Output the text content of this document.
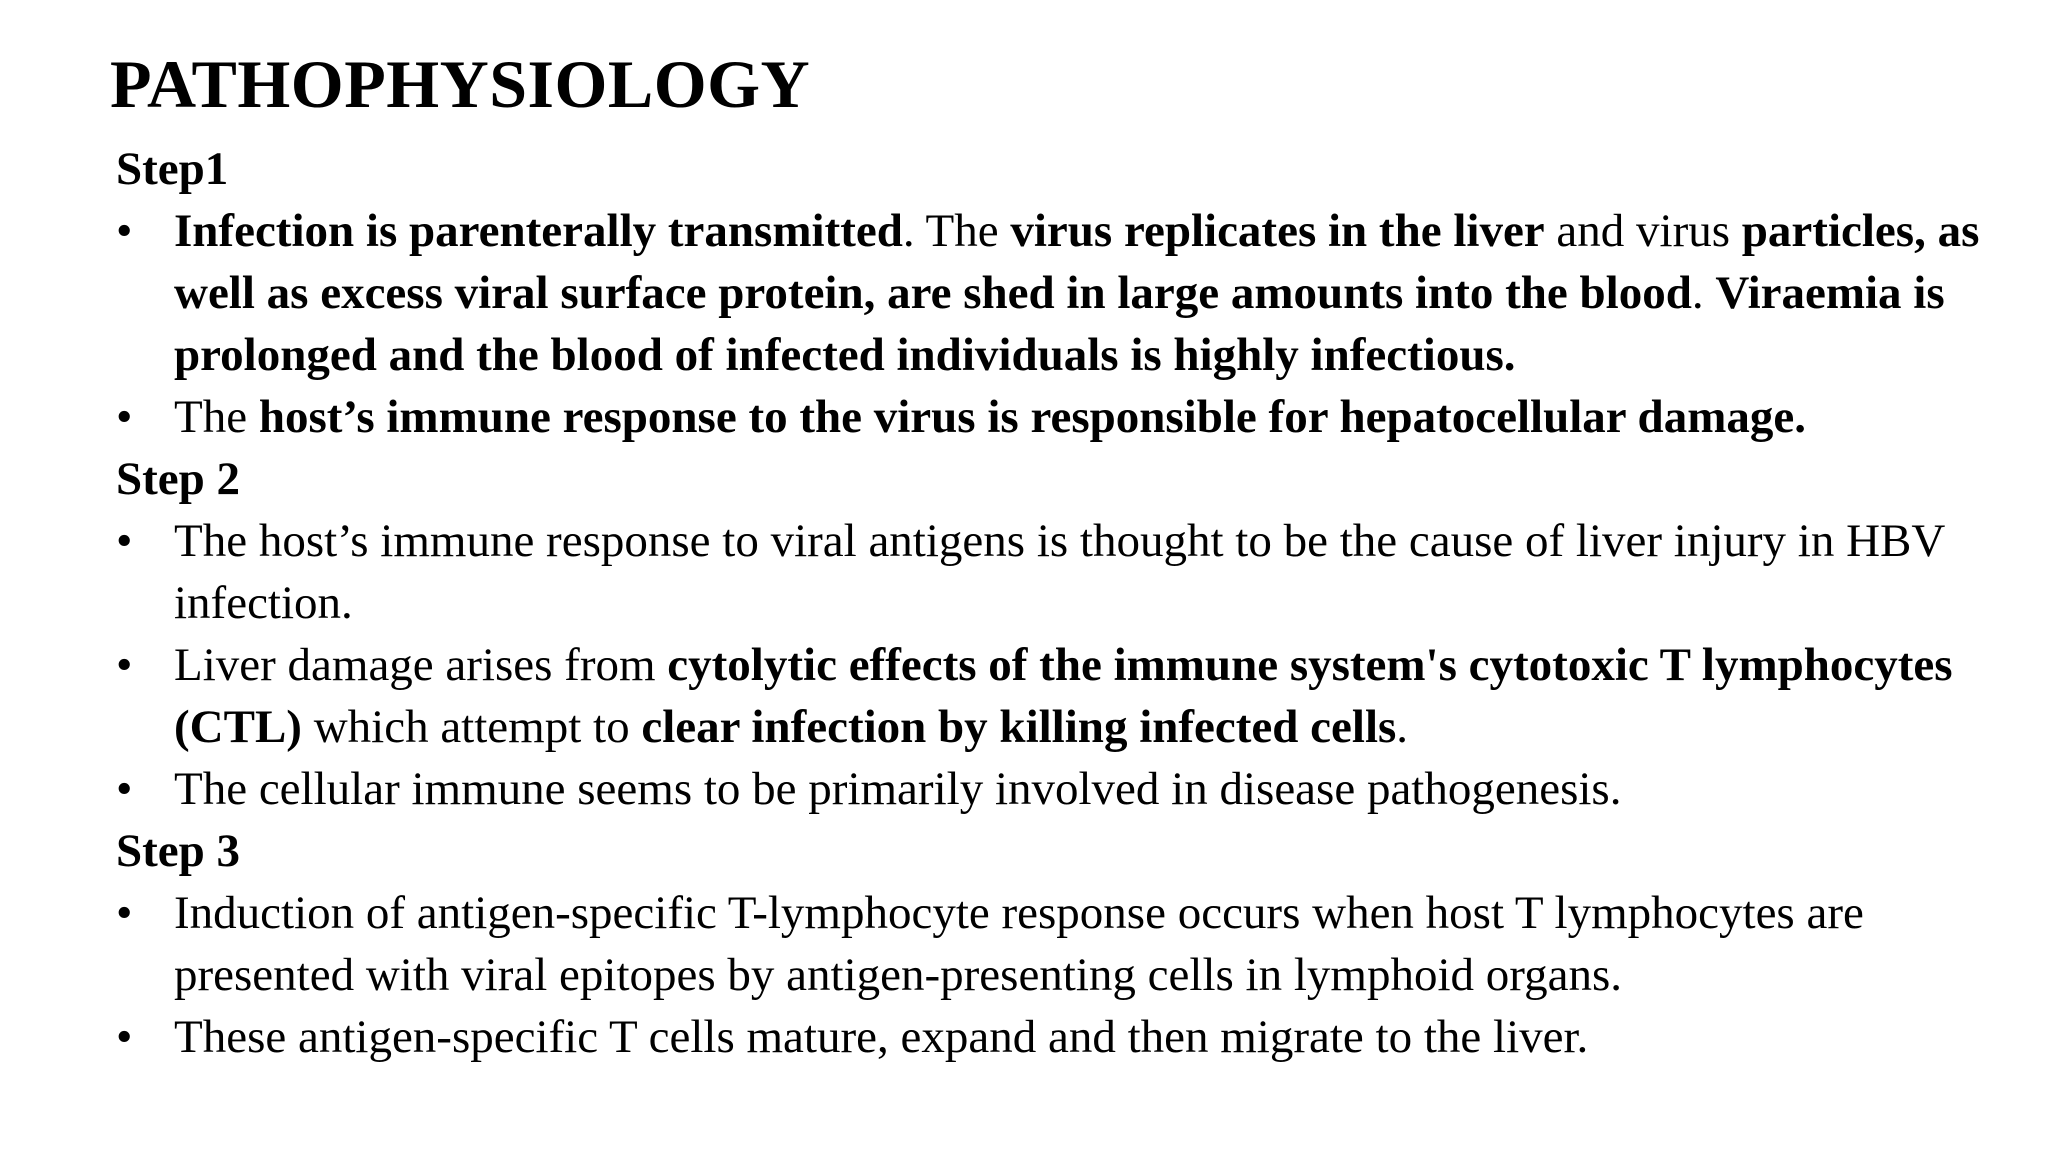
PATHOPHYSIOLOGY
Step1
• Infection is parenterally transmitted. The virus replicates in the liver and virus particles, as well as excess viral surface protein, are shed in large amounts into the blood. Viraemia is prolonged and the blood of infected individuals is highly infectious.
• The host’s immune response to the virus is responsible for hepatocellular damage.
Step 2
• The host’s immune response to viral antigens is thought to be the cause of liver injury in HBV infection.
• Liver damage arises from cytolytic effects of the immune system's cytotoxic T lymphocytes (CTL) which attempt to clear infection by killing infected cells.
• The cellular immune seems to be primarily involved in disease pathogenesis.
Step 3
• Induction of antigen-specific T-lymphocyte response occurs when host T lymphocytes are presented with viral epitopes by antigen-presenting cells in lymphoid organs.
• These antigen-specific T cells mature, expand and then migrate to the liver.
